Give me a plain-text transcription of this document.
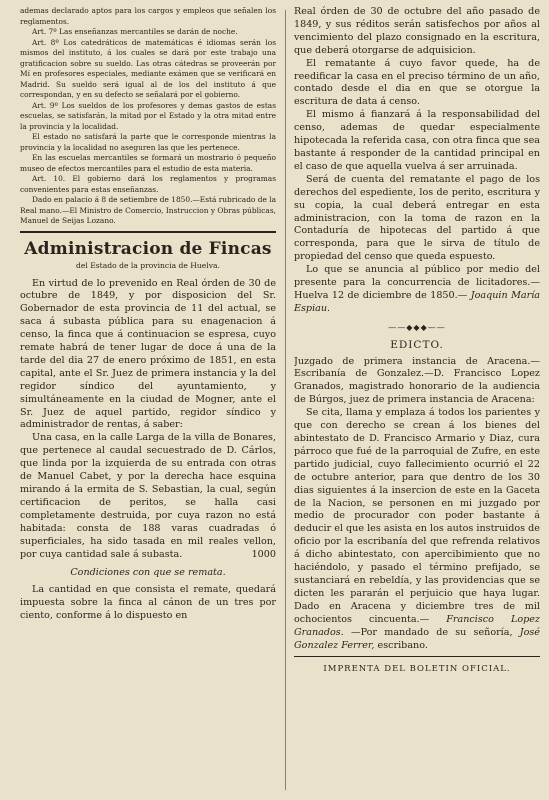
ademas declarado aptos para los cargos y empleos que señalen los reglamentos.

Art. 7º Las enseñanzas mercantiles se darán de noche.

Art. 8º Los catedráticos de matemáticas é idiomas serán los mismos del instituto, á los cuales se dará por este trabajo una gratificacion sobre su sueldo. Las otras cátedras se proveerán por Mí en profesores especiales, mediante exámen que se verificará en Madrid. Su sueldo será igual al de los del instituto á que correspondan, y en su defecto se señalará por el gobierno.

Art. 9º Los sueldos de los profesores y demas gastos de estas escuelas, se satisfarán, la mitad por el Estado y la otra mitad entre la provincia y la localidad.

El estado no satisfará la parte que le corresponde mientras la provincia y la localidad no aseguren las que les pertenece.

En las escuelas mercantiles se formará un mostrario ó pequeño museo de efectos mercantiles para el estudio de esta materia.

Art. 10. El gobierno dará los reglamentos y programas convenientes para estas enseñanzas.

Dado en palacio á 8 de setiembre de 1850.—Está rubricado de la Real mano.—El Ministro de Comercio, Instruccion y Obras públicas, Manuel de Seijas Lozano.

Administracion de Fincas
del Estado de la provincia de Huelva.

En virtud de lo prevenido en Real órden de 30 de octubre de 1849, y por disposicion del Sr. Gobernador de esta provincia de 11 del actual, se saca á subasta pública para su enagenacion á censo, la finca que á continuacion se espresa, cuyo remate habrá de tener lugar de doce á una de la tarde del dia 27 de enero próximo de 1851, en esta capital, ante el Sr. Juez de primera instancia y la del regidor síndico del ayuntamiento, y simultáneamente en la ciudad de Mogner, ante el Sr. Juez de aquel partido, regidor síndico y administrador de rentas, á saber:

Una casa, en la calle Larga de la villa de Bonares, que pertenece al caudal secuestrado de D. Cárlos, que linda por la izquierda de su entrada con otras de Manuel Cabet, y por la derecha hace esquina mirando á la ermita de S. Sebastian, la cual, según certificacion de peritos, se halla casi completamente destruida, por cuya razon no está habitada: consta de 188 varas cuadradas ó superficiales, ha sido tasada en mil reales vellon, por cuya cantidad sale á subasta.	1000

Condiciones con que se remata.

La cantidad en que consista el remate, quedará impuesta sobre la finca al cánon de un tres por ciento, conforme á lo dispuesto en

Real órden de 30 de octubre del año pasado de 1849, y sus réditos serán satisfechos por años al vencimiento del plazo consignado en la escritura, que deberá otorgarse de adquisicion.

El rematante á cuyo favor quede, ha de reedificar la casa en el preciso término de un año, contado desde el dia en que se otorgue la escritura de data á censo.

El mismo á fianzará á la responsabilidad del censo, ademas de quedar especialmente hipotecada la referida casa, con otra finca que sea bastante á responder de la cantidad principal en el caso de que aquella vuelva á ser arruinada.

Será de cuenta del rematante el pago de los derechos del espediente, los de perito, escritura y su copia, la cual deberá entregar en esta administracion, con la toma de razon en la Contaduría de hipotecas del partido á que corresponda, para que le sirva de título de propiedad del censo que queda espuesto.

Lo que se anuncia al público por medio del presente para la concurrencia de licitadores.—Huelva 12 de diciembre de 1850.— Joaquin María Espiau.

——◆◆◆——
EDICTO.

Juzgado de primera instancia de Aracena.— Escribanía de Gonzalez.—D. Francisco Lopez Granados, magistrado honorario de la audiencia de Búrgos, juez de primera instancia de Aracena:

Se cita, llama y emplaza á todos los parientes y que con derecho se crean á los bienes del abintestato de D. Francisco Armario y Diaz, cura párroco que fué de la parroquial de Zufre, en este partido judicial, cuyo fallecimiento ocurrió el 22 de octubre anterior, para que dentro de los 30 dias siguientes á la insercion de este en la Gaceta de la Nacion, se personen en mi juzgado por medio de procurador con poder bastante á deducir el que les asista en los autos instruidos de oficio por la escribanía del que refrenda relativos á dicho abintestato, con apercibimiento que no haciéndolo, y pasado el término prefijado, se sustanciará en rebeldía, y las providencias que se dicten les pararán el perjuicio que haya lugar. Dado en Aracena y diciembre tres de mil ochocientos cincuenta.— Francisco Lopez Granados. —Por mandado de su señoría, José Gonzalez Ferrer, escribano.

IMPRENTA DEL BOLETIN OFICIAL.
